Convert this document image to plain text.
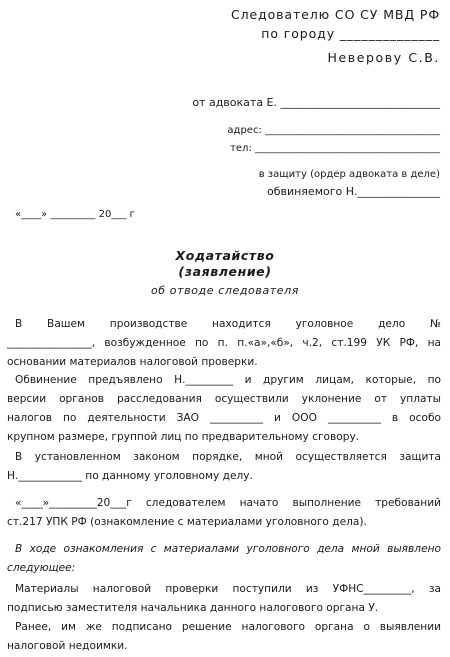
Следователю СО СУ МВД РФ
по городу ______________
Неверову С.В.
от адвоката Е. _____________________________
адрес: ___________________________________
тел: _____________________________________
в защиту (ордер адвоката в деле)
обвиняемого Н._______________
«____» _________ 20___ г
Ходатайство
(заявление)
об отводе следователя
В Вашем производстве находится уголовное дело №
________________, возбужденное по п. п.«а»,«б», ч.2, ст.199 УК РФ, на
основании материалов налоговой проверки.
Обвинение предъявлено Н._________ и другим лицам, которые, по
версии органов расследования осуществили уклонение от уплаты
налогов по деятельности ЗАО __________ и ООО __________ в особо
крупном размере, группой лиц по предварительному сговору.
В установленном законом порядке, мной осуществляется защита
Н.____________ по данному уголовному делу.
«____»_________20___г следователем начато выполнение требований
ст.217 УПК РФ (ознакомление с материалами уголовного дела).
В ходе ознакомления с материалами уголовного дела мной выявлено
следующее:
Материалы налоговой проверки поступили из УФНС_________, за
подписью заместителя начальника данного налогового органа У.
Ранее, им же подписано решение налогового органа о выявлении
налоговой недоимки.
